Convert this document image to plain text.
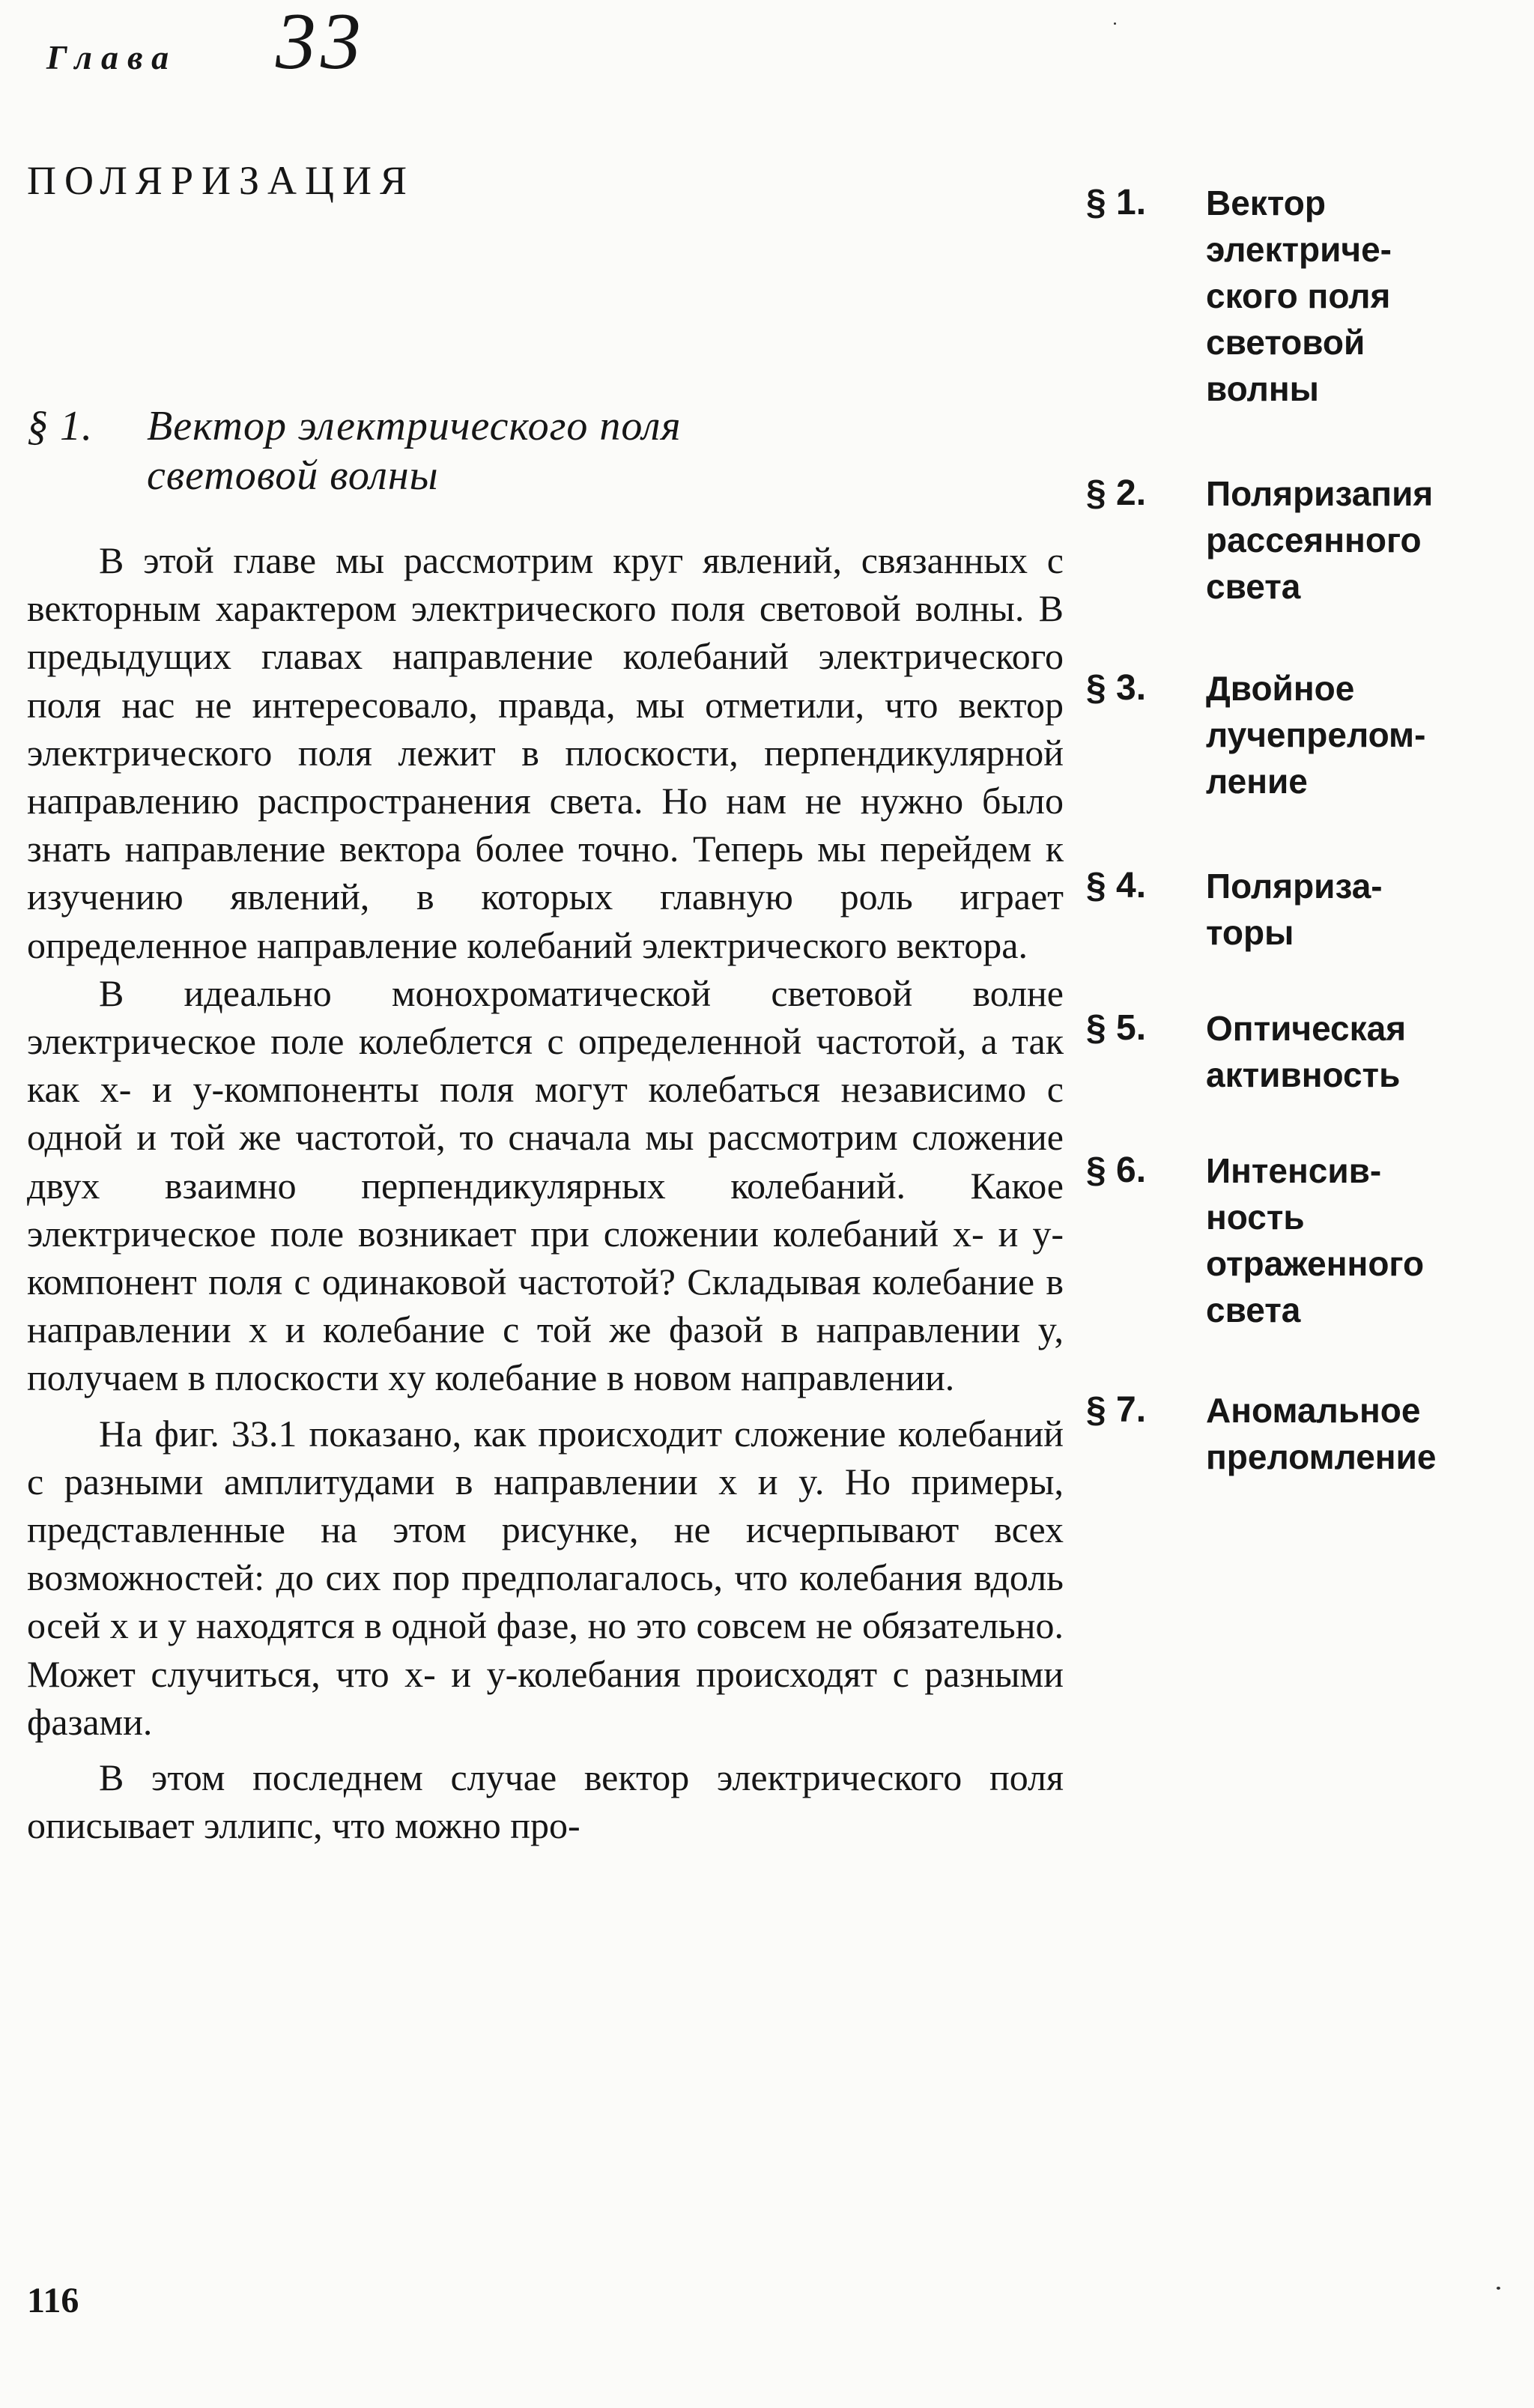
Глава 33
ПОЛЯРИЗАЦИЯ
§ 1. Вектор электрического поля
световой волны

В этой главе мы рассмотрим круг явлений, связанных с векторным характером электрического поля световой волны. В предыдущих главах направление колебаний электрического поля нас не интересовало, правда, мы отметили, что вектор электрического поля лежит в плоскости, перпендикулярной направлению распространения света. Но нам не нужно было знать направление вектора более точно. Теперь мы перейдем к изучению явлений, в которых главную роль играет определенное направление колебаний электрического вектора.

В идеально монохроматической световой волне электрическое поле колеблется с определенной частотой, а так как x- и y-компоненты поля могут колебаться независимо с одной и той же частотой, то сначала мы рассмотрим сложение двух взаимно перпендикулярных колебаний. Какое электрическое поле возникает при сложении колебаний x- и y-компонент поля с одинаковой частотой? Складывая колебание в направлении x и колебание с той же фазой в направлении y, получаем в плоскости xy колебание в новом направлении.

На фиг. 33.1 показано, как происходит сложение колебаний с разными амплитудами в направлении x и y. Но примеры, представленные на этом рисунке, не исчерпывают всех возможностей: до сих пор предполагалось, что колебания вдоль осей x и y находятся в одной фазе, но это совсем не обязательно. Может случиться, что x- и y-колебания происходят с разными фазами.

В этом последнем случае вектор электрического поля описывает эллипс, что можно про-

§ 1. Вектор
электриче-
ского поля
световой
волны
§ 2. Поляризапия
рассеянного
света
§ 3. Двойное
лучепрелом-
ление
§ 4. Поляриза-
торы
§ 5. Оптическая
активность
§ 6. Интенсив-
ность
отраженного
света
§ 7. Аномальное
преломление
116
